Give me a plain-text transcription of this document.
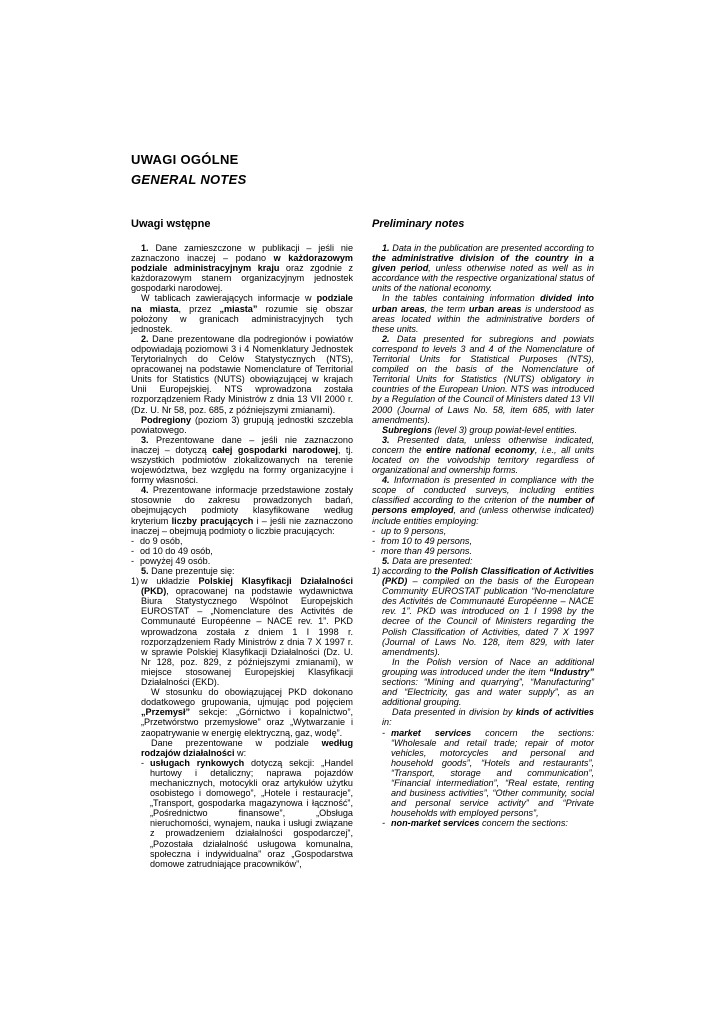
UWAGI OGÓLNE
GENERAL NOTES
Uwagi wstępne

1. Dane zamieszczone w publikacji – jeśli nie zaznaczono inaczej – podano w każdorazowym podziale administracyjnym kraju oraz zgodnie z każdorazowym stanem organizacyjnym jednostek gospodarki narodowej.

W tablicach zawierających informacje w podziale na miasta, przez „miasta” rozumie się obszar położony w granicach administracyjnych tych jednostek.

2. Dane prezentowane dla podregionów i powiatów odpowiadają poziomowi 3 i 4 Nomenklatury Jednostek Terytorialnych do Celów Statystycznych (NTS), opracowanej na podstawie Nomenclature of Territorial Units for Statistics (NUTS) obowiązującej w krajach Unii Europejskiej. NTS wprowadzona została rozporządzeniem Rady Ministrów z dnia 13 VII 2000 r. (Dz. U. Nr 58, poz. 685, z późniejszymi zmianami).

Podregiony (poziom 3) grupują jednostki szczebla powiatowego.

3. Prezentowane dane – jeśli nie zaznaczono inaczej – dotyczą całej gospodarki narodowej, tj. wszystkich podmiotów zlokalizowanych na terenie województwa, bez względu na formy organizacyjne i formy własności.

4. Prezentowane informacje przedstawione zostały stosownie do zakresu prowadzonych badań, obejmujących podmioty klasyfikowane według kryterium liczby pracujących i – jeśli nie zaznaczono inaczej – obejmują podmioty o liczbie pracujących:

- do 9 osób,
- od 10 do 49 osób,
- powyżej 49 osób.

5. Dane prezentuje się:

1) w układzie Polskiej Klasyfikacji Działalności (PKD), opracowanej na podstawie wydawnictwa Biura Statystycznego Wspólnot Europejskich EUROSTAT – „Nomenclature des Activités de Communauté Européenne – NACE rev. 1”. PKD wprowadzona została z dniem 1 I 1998 r. rozporządzeniem Rady Ministrów z dnia 7 X 1997 r. w sprawie Polskiej Klasyfikacji Działalności (Dz. U. Nr 128, poz. 829, z późniejszymi zmianami), w miejsce stosowanej Europejskiej Klasyfikacji Działalności (EKD).

W stosunku do obowiązującej PKD dokonano dodatkowego grupowania, ujmując pod pojęciem „Przemysł” sekcje: „Górnictwo i kopalnictwo”, „Przetwórstwo przemysłowe” oraz „Wytwarzanie i zaopatrywanie w energię elektryczną, gaz, wodę”.

Dane prezentowane w podziale według rodzajów działalności w:

- usługach rynkowych dotyczą sekcji: „Handel hurtowy i detaliczny; naprawa pojazdów mechanicznych, motocykli oraz artykułów użytku osobistego i domowego”, „Hotele i restauracje”, „Transport, gospodarka magazynowa i łączność”, „Pośrednictwo finansowe”, „Obsługa nieruchomości, wynajem, nauka i usługi związane z prowadzeniem działalności gospodarczej”, „Pozostała działalność usługowa komunalna, społeczna i indywidualna” oraz „Gospodarstwa domowe zatrudniające pracowników”,
Preliminary notes

1. Data in the publication are presented according to the administrative division of the country in a given period, unless otherwise noted as well as in accordance with the respective organizational status of units of the national economy.

In the tables containing information divided into urban areas, the term urban areas is understood as areas located within the administrative borders of these units.

2. Data presented for subregions and powiats correspond to levels 3 and 4 of the Nomenclature of Territorial Units for Statistical Purposes (NTS), compiled on the basis of the Nomenclature of Territorial Units for Statistics (NUTS) obligatory in countries of the European Union. NTS was introduced by a Regulation of the Council of Ministers dated 13 VII 2000 (Journal of Laws No. 58, item 685, with later amendments).

Subregions (level 3) group powiat-level entities.

3. Presented data, unless otherwise indicated, concern the entire national economy, i.e., all units located on the voivodship territory regardless of organizational and ownership forms.

4. Information is presented in compliance with the scope of conducted surveys, including entities classified according to the criterion of the number of persons employed, and (unless otherwise indicated) include entities employing:

- up to 9 persons,
- from 10 to 49 persons,
- more than 49 persons.

5. Data are presented:

1) according to the Polish Classification of Activities (PKD) – compiled on the basis of the European Community EUROSTAT publication “No-menclature des Activités de Communauté Européenne – NACE rev. 1”. PKD was introduced on 1 I 1998 by the decree of the Council of Ministers regarding the Polish Classification of Activities, dated 7 X 1997 (Journal of Laws No. 128, item 829, with later amendments).

In the Polish version of Nace an additional grouping was introduced under the item “Industry” sections: “Mining and quarrying”, “Manufacturing” and “Electricity, gas and water supply”, as an additional grouping.

Data presented in division by kinds of activities in:

- market services concern the sections: “Wholesale and retail trade; repair of motor vehicles, motorcycles and personal and household goods”, “Hotels and restaurants”, “Transport, storage and communication”, “Financial intermediation”, “Real estate, renting and business activities”, “Other community, social and personal service activity” and “Private households with employed persons”,
- non-market services concern the sections:
